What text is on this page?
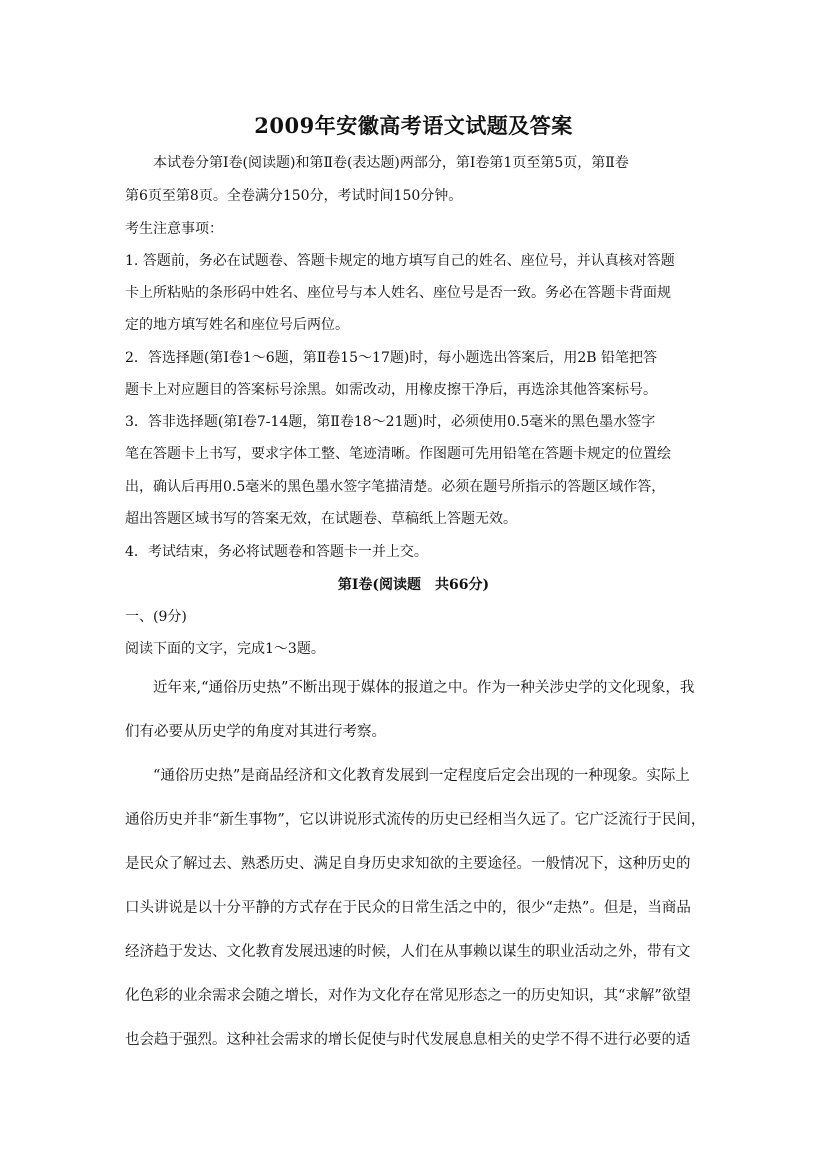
2009年安徽高考语文试题及答案
本试卷分第Ⅰ卷(阅读题)和第Ⅱ卷(表达题)两部分，第Ⅰ卷第1页至第5页，第Ⅱ卷
第6页至第8页。全卷满分150分，考试时间150分钟。
考生注意事项：
1. 答题前，务必在试题卷、答题卡规定的地方填写自己的姓名、座位号，并认真核对答题
卡上所粘贴的条形码中姓名、座位号与本人姓名、座位号是否一致。务必在答题卡背面规
定的地方填写姓名和座位号后两位。
2．答选择题(第Ⅰ卷1～6题，第Ⅱ卷15～17题)时，每小题选出答案后，用2B 铅笔把答
题卡上对应题目的答案标号涂黑。如需改动，用橡皮擦干净后，再选涂其他答案标号。
3．答非选择题(第Ⅰ卷7-14题，第Ⅱ卷18～21题)时，必须使用0.5毫米的黑色墨水签字
笔在答题卡上书写，要求字体工整、笔迹清晰。作图题可先用铅笔在答题卡规定的位置绘
出，确认后再用0.5毫米的黑色墨水签字笔描清楚。必须在题号所指示的答题区域作答，
超出答题区域书写的答案无效，在试题卷、草稿纸上答题无效。
4．考试结束，务必将试题卷和答题卡一并上交。
第Ⅰ卷(阅读题　共66分)
一、(9分)
阅读下面的文字，完成1～3题。
近年来,“通俗历史热”不断出现于媒体的报道之中。作为一种关涉史学的文化现象，我
们有必要从历史学的角度对其进行考察。
“通俗历史热”是商品经济和文化教育发展到一定程度后定会出现的一种现象。实际上
通俗历史并非“新生事物”，它以讲说形式流传的历史已经相当久远了。它广泛流行于民间，
是民众了解过去、熟悉历史、满足自身历史求知欲的主要途径。一般情况下，这种历史的
口头讲说是以十分平静的方式存在于民众的日常生活之中的，很少“走热”。但是，当商品
经济趋于发达、文化教育发展迅速的时候，人们在从事赖以谋生的职业活动之外，带有文
化色彩的业余需求会随之增长，对作为文化存在常见形态之一的历史知识，其“求解”欲望
也会趋于强烈。这种社会需求的增长促使与时代发展息息相关的史学不得不进行必要的适
